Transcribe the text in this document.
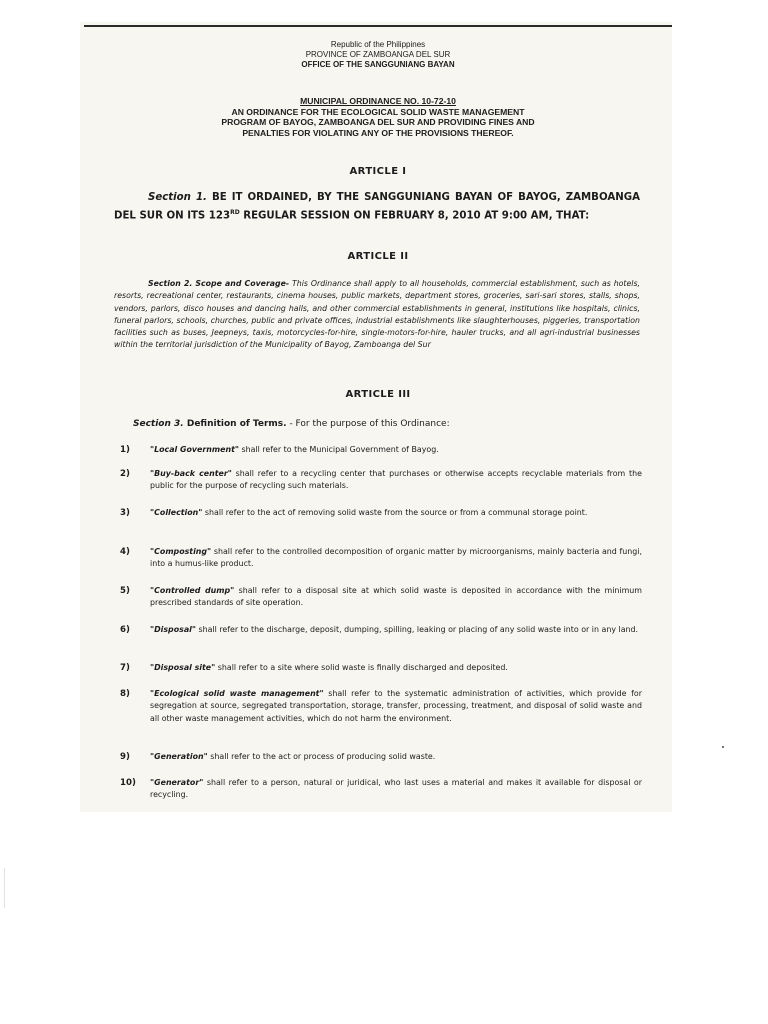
Republic of the Philippines
PROVINCE OF ZAMBOANGA DEL SUR
OFFICE OF THE SANGGUNIANG BAYAN
MUNICIPAL ORDINANCE NO. 10-72-10
AN ORDINANCE FOR THE ECOLOGICAL SOLID WASTE MANAGEMENT
PROGRAM OF BAYOG, ZAMBOANGA DEL SUR AND PROVIDING FINES AND
PENALTIES FOR VIOLATING ANY OF THE PROVISIONS THEREOF.
ARTICLE I
Section 1. BE IT ORDAINED, BY THE SANGGUNIANG BAYAN OF BAYOG, ZAMBOANGA DEL SUR ON ITS 123RD REGULAR SESSION ON FEBRUARY 8, 2010 AT 9:00 AM, THAT:
ARTICLE II
Section 2. Scope and Coverage- This Ordinance shall apply to all households, commercial establishment, such as hotels, resorts, recreational center, restaurants, cinema houses, public markets, department stores, groceries, sari-sari stores, stalls, shops, vendors, parlors, disco houses and dancing halls, and other commercial establishments in general, institutions like hospitals, clinics, funeral parlors, schools, churches, public and private offices, industrial establishments like slaughterhouses, piggeries, transportation facilities such as buses, Jeepneys, taxis, motorcycles-for-hire, single-motors-for-hire, hauler trucks, and all agri-industrial businesses within the territorial jurisdiction of the Municipality of Bayog, Zamboanga del Sur
ARTICLE III
Section 3. Definition of Terms. - For the purpose of this Ordinance:
1)	"Local Government" shall refer to the Municipal Government of Bayog.
2)	"Buy-back center" shall refer to a recycling center that purchases or otherwise accepts recyclable materials from the public for the purpose of recycling such materials.
3)	"Collection" shall refer to the act of removing solid waste from the source or from a communal storage point.
4)	"Composting" shall refer to the controlled decomposition of organic matter by microorganisms, mainly bacteria and fungi, into a humus-like product.
5)	"Controlled dump" shall refer to a disposal site at which solid waste is deposited in accordance with the minimum prescribed standards of site operation.
6)	"Disposal" shall refer to the discharge, deposit, dumping, spilling, leaking or placing of any solid waste into or in any land.
7)	"Disposal site" shall refer to a site where solid waste is finally discharged and deposited.
8)	"Ecological solid waste management" shall refer to the systematic administration of activities, which provide for segregation at source, segregated transportation, storage, transfer, processing, treatment, and disposal of solid waste and all other waste management activities, which do not harm the environment.
9)	"Generation" shall refer to the act or process of producing solid waste.
10)	"Generator" shall refer to a person, natural or juridical, who last uses a material and makes it available for disposal or recycling.
